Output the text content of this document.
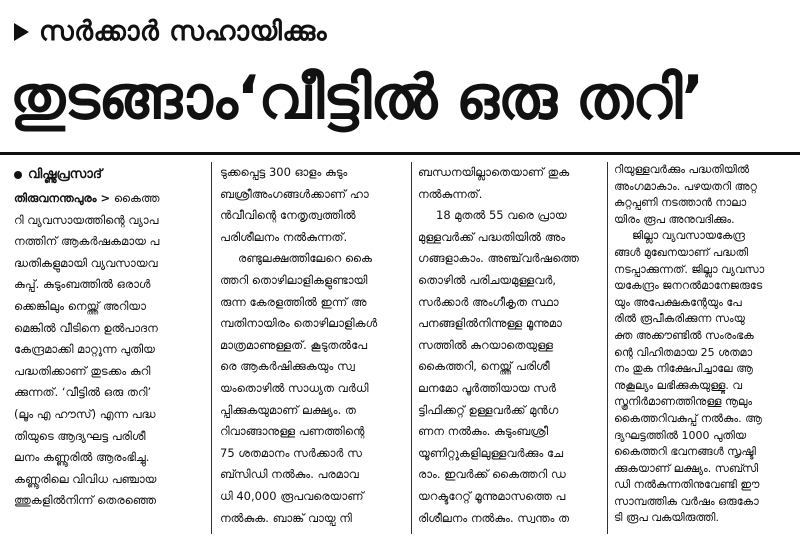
സർക്കാർ സഹായിക്കും
തുടങ്ങാം‘വീട്ടിൽ ഒരു തറി’
വിഷ്ണുപ്രസാദ്
തിരുവനന്തപുരം > കൈത്ത
റി വ്യവസായത്തിന്റെ വ്യാപ
നത്തിന് ആകർഷകമായ പ
ദ്ധതികളുമായി വ്യവസായവ
കുപ്പ്. കുടുംബത്തിൽ ഒരാൾ
ക്കെങ്കിലും നെയ്ത്ത് അറിയാ
മെങ്കിൽ വീടിനെ ഉൽപാദന
കേന്ദ്രമാക്കി മാറ്റുന്ന പുതിയ
പദ്ധതിക്കാണ് തുടക്കം കുറി
ക്കുന്നത്. ‘വീട്ടിൽ ഒരു തറി’
(ലൂം എ ഹൗസ്) എന്ന പദ്ധ
തിയുടെ ആദ്യഘട്ട പരിശീ
ലനം കണ്ണൂരിൽ ആരംഭിച്ചു.
കണ്ണൂരിലെ വിവിധ പഞ്ചായ
ത്തുകളിൽനിന്ന് തെരഞ്ഞെ
ടുക്കപ്പെട്ട 300 ഓളം കുടും
ബശ്രീഅംഗങ്ങൾക്കാണ് ഹാ
ൻവീവിന്റെ നേതൃത്വത്തിൽ
പരിശീലനം നൽകുന്നത്.
രണ്ടുലക്ഷത്തിലേറെ കൈ
ത്തറി തൊഴിലാളികളുണ്ടായി
രുന്ന കേരളത്തിൽ ഇന്ന് അ
മ്പതിനായിരം തൊഴിലാളികൾ
മാത്രമാണുള്ളത്. കൂടുതൽപേ
രെ ആകർഷിക്കുകയും സ്വ
യംതൊഴിൽ സാധ്യത വർധി
പ്പിക്കുകയുമാണ് ലക്ഷ്യം. ത
റിവാങ്ങാനുള്ള പണത്തിന്റെ
75 ശതമാനം സർക്കാർ സ
ബ്സിഡി നൽകും. പരമാവ
ധി 40,000 രൂപവരെയാണ്
നൽകുക. ബാങ്ക് വായ്പ നി
ബന്ധനയില്ലാതെയാണ് തുക
നൽകുന്നത്.
18 മുതൽ 55 വരെ പ്രായ
മുള്ളവർക്ക് പദ്ധതിയിൽ അം
ഗങ്ങളാകാം. അഞ്ച്‌വർഷത്തെ
തൊഴിൽ പരിചയമുള്ളവർ,
സർക്കാർ അംഗീകൃത സ്ഥാ
പനങ്ങളിൽനിന്നുള്ള മൂന്നുമാ
സത്തിൽ കുറയാതെയുള്ള
കൈത്തറി, നെയ്ത്ത് പരിശീ
ലനമോ പൂർത്തിയായ സർ
ട്ടിഫിക്കറ്റ് ഉള്ളവർക്ക് മുൻഗ
ണന നൽകും. കുടുംബശ്രീ
യൂണിറ്റുകളിലുള്ളവർക്കും ചേ
രാം. ഇവർക്ക് കൈത്തറി ഡ
യറക്ടറേറ്റ് മൂന്നുമാസത്തെ പ
രിശീലനം നൽകും. സ്വന്തം ത
റിയുള്ളവർക്കും പദ്ധതിയിൽ
അംഗമാകാം. പഴയതറി അറ്റ
കുറ്റപ്പണി നടത്താൻ നാലാ
യിരം രൂപ അനുവദിക്കും.
ജില്ലാ വ്യവസായകേന്ദ്ര
ങ്ങൾ മുഖേനയാണ് പദ്ധതി
നടപ്പാക്കുന്നത്. ജില്ലാ വ്യവസാ
യകേന്ദ്രം ജനറൽമാനേജരുടേ
യും അപേക്ഷകന്റേയും പേ
രിൽ രൂപീകരിക്കുന്ന സംയു
ക്ത അക്കൗണ്ടിൽ സംരംഭക
ന്റെ വിഹിതമായ 25 ശതമാ
നം തുക നിക്ഷേപിച്ചാലേ ആ
നുകൂല്യം ലഭിക്കുകയുള്ളൂ. വ
സ്ത്രനിർമാണത്തിനുള്ള നൂലും
കൈത്തറിവകുപ്പ് നൽകും. ആ
ദ്യഘട്ടത്തിൽ 1000 പുതിയ
കൈത്തറി ഭവനങ്ങൾ സൃഷ്ടി
ക്കുകയാണ് ലക്ഷ്യം. സബ്സി
ഡി നൽകുന്നതിനുവേണ്ടി ഈ
സാമ്പത്തിക വർഷം ഒരുകോ
ടി രൂപ വകയിരുത്തി.
